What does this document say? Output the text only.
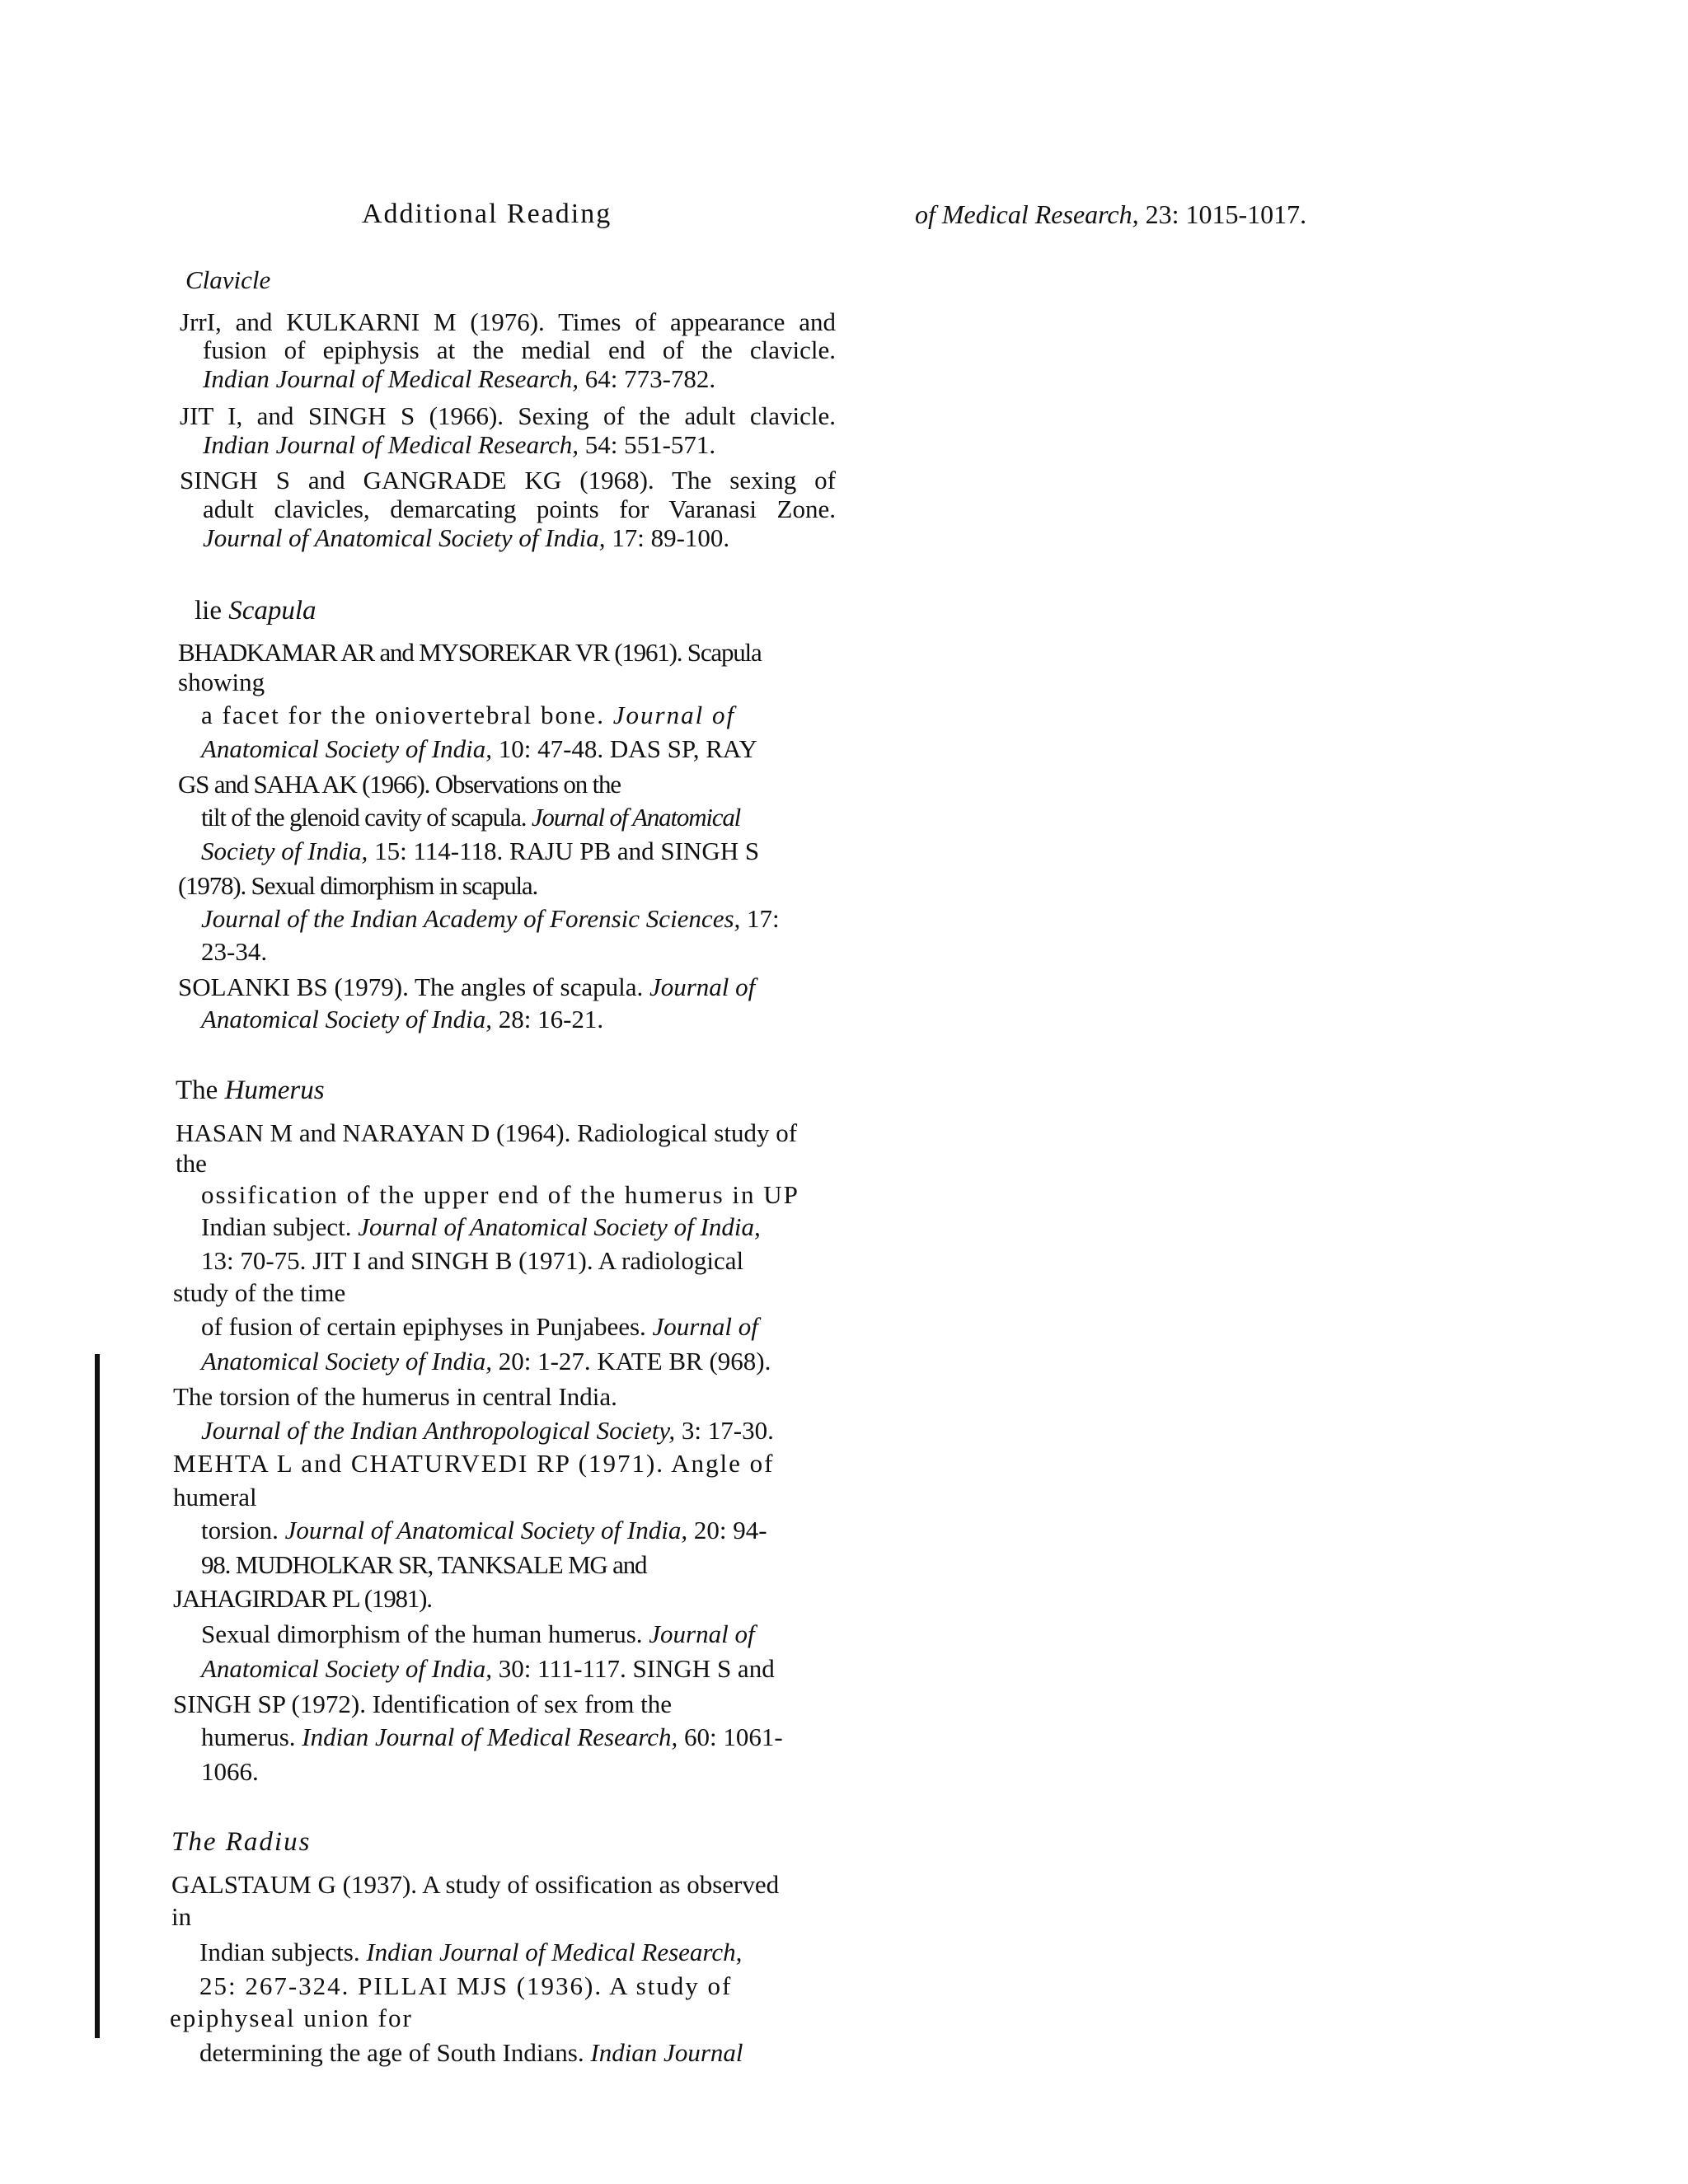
Additional Reading	of Medical Research, 23: 1015-1017.
Clavicle
JrrI, and KULKARNI M (1976). Times of appearance and
fusion of epiphysis at the medial end of the clavicle.
Indian Journal of Medical Research, 64: 773-782.
JIT I, and SINGH S (1966). Sexing of the adult clavicle.
Indian Journal of Medical Research, 54: 551-571.
SINGH S and GANGRADE KG (1968). The sexing of
adult clavicles, demarcating points for Varanasi Zone.
Journal of Anatomical Society of India, 17: 89-100.
lie Scapula
BHADKAMAR AR and MYSOREKAR VR (1961). Scapula
showing
a facet for the oniovertebral bone. Journal of
Anatomical Society of India, 10: 47-48. DAS SP, RAY
GS and SAHA AK (1966). Observations on the
tilt of the glenoid cavity of scapula. Journal of Anatomical
Society of India, 15: 114-118. RAJU PB and SINGH S
(1978). Sexual dimorphism in scapula.
Journal of the Indian Academy of Forensic Sciences, 17:
23-34.
SOLANKI BS (1979). The angles of scapula. Journal of
Anatomical Society of India, 28: 16-21.
The Humerus
HASAN M and NARAYAN D (1964). Radiological study of
the
ossification of the upper end of the humerus in UP
Indian subject. Journal of Anatomical Society of India,
13: 70-75. JIT I and SINGH B (1971). A radiological
study of the time
of fusion of certain epiphyses in Punjabees. Journal of
Anatomical Society of India, 20: 1-27. KATE BR (968).
The torsion of the humerus in central India.
Journal of the Indian Anthropological Society, 3: 17-30.
MEHTA L and CHATURVEDI RP (1971). Angle of
humeral
torsion. Journal of Anatomical Society of India, 20: 94-
98. MUDHOLKAR SR, TANKSALE MG and
JAHAGIRDAR PL (1981).
Sexual dimorphism of the human humerus. Journal of
Anatomical Society of India, 30: 111-117. SINGH S and
SINGH SP (1972). Identification of sex from the
humerus. Indian Journal of Medical Research, 60: 1061-
1066.
The Radius
GALSTAUM G (1937). A study of ossification as observed
in
Indian subjects. Indian Journal of Medical Research,
25: 267-324. PILLAI MJS (1936). A study of
epiphyseal union for
determining the age of South Indians. Indian Journal
